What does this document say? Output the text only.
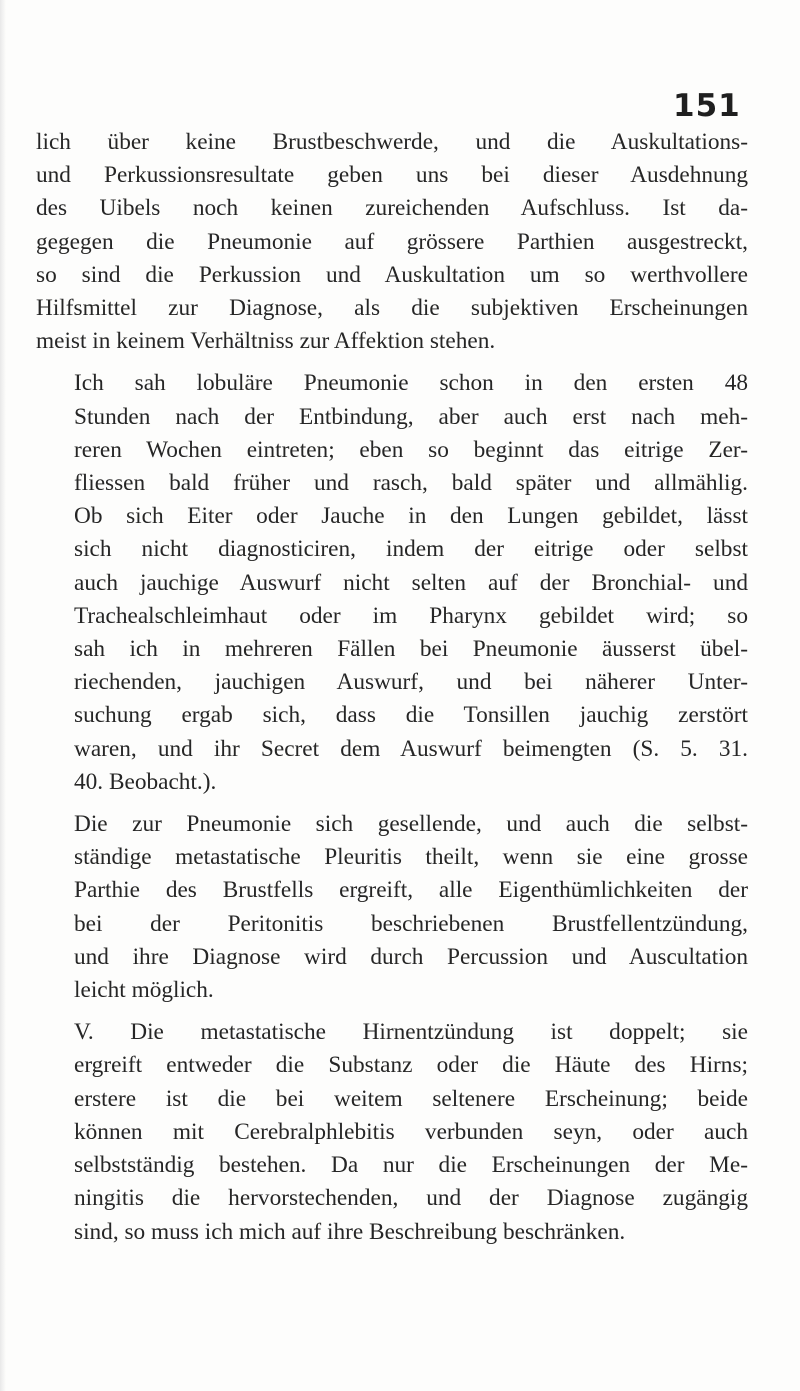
151

lich über keine Brustbeschwerde, und die Auskultations-
und Perkussionsresultate geben uns bei dieser Ausdehnung
des Uibels noch keinen zureichenden Aufschluss. Ist da-
gegegen die Pneumonie auf grössere Parthien ausgestreckt,
so sind die Perkussion und Auskultation um so werthvollere
Hilfsmittel zur Diagnose, als die subjektiven Erscheinungen
meist in keinem Verhältniss zur Affektion stehen.

Ich sah lobuläre Pneumonie schon in den ersten 48
Stunden nach der Entbindung, aber auch erst nach meh-
reren Wochen eintreten; eben so beginnt das eitrige Zer-
fliessen bald früher und rasch, bald später und allmählig.
Ob sich Eiter oder Jauche in den Lungen gebildet, lässt
sich nicht diagnosticiren, indem der eitrige oder selbst
auch jauchige Auswurf nicht selten auf der Bronchial- und
Trachealschleimhaut oder im Pharynx gebildet wird; so
sah ich in mehreren Fällen bei Pneumonie äusserst übel-
riechenden, jauchigen Auswurf, und bei näherer Unter-
suchung ergab sich, dass die Tonsillen jauchig zerstört
waren, und ihr Secret dem Auswurf beimengten (S. 5. 31.
40. Beobacht.).

Die zur Pneumonie sich gesellende, und auch die selbst-
ständige metastatische Pleuritis theilt, wenn sie eine grosse
Parthie des Brustfells ergreift, alle Eigenthümlichkeiten der
bei der Peritonitis beschriebenen Brustfellentzündung,
und ihre Diagnose wird durch Percussion und Auscultation
leicht möglich.

V. Die metastatische Hirnentzündung ist doppelt; sie
ergreift entweder die Substanz oder die Häute des Hirns;
erstere ist die bei weitem seltenere Erscheinung; beide
können mit Cerebralphlebitis verbunden seyn, oder auch
selbstständig bestehen. Da nur die Erscheinungen der Me-
ningitis die hervorstechenden, und der Diagnose zugängig
sind, so muss ich mich auf ihre Beschreibung beschränken.
